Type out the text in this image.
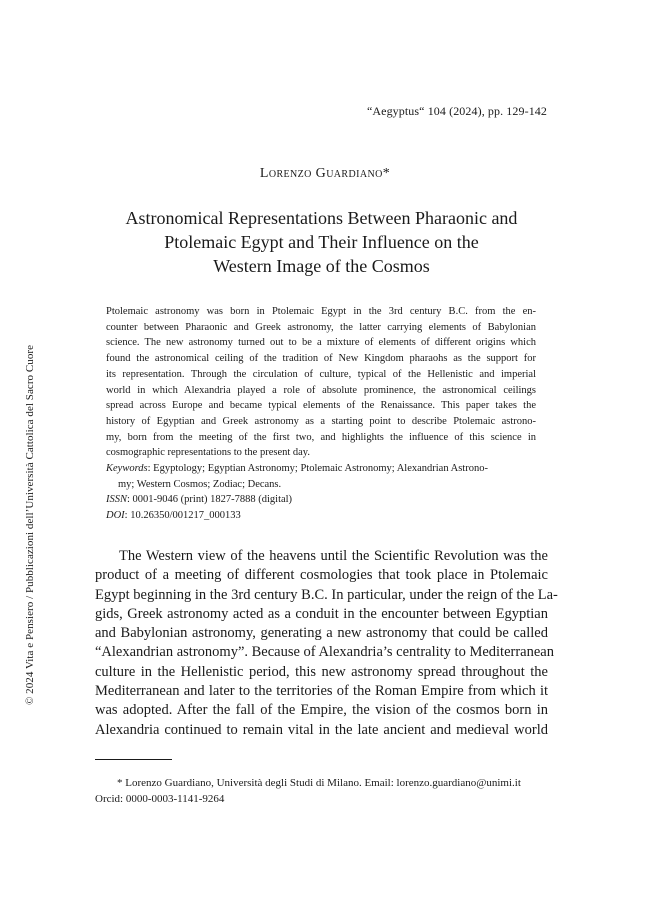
“Aegyptus“ 104 (2024), pp. 129-142
Lorenzo Guardiano*
Astronomical Representations Between Pharaonic and
Ptolemaic Egypt and Their Influence on the
Western Image of the Cosmos
Ptolemaic astronomy was born in Ptolemaic Egypt in the 3rd century B.C. from the en-
counter between Pharaonic and Greek astronomy, the latter carrying elements of Babylonian
science. The new astronomy turned out to be a mixture of elements of different origins which
found the astronomical ceiling of the tradition of New Kingdom pharaohs as the support for
its representation. Through the circulation of culture, typical of the Hellenistic and imperial
world in which Alexandria played a role of absolute prominence, the astronomical ceilings
spread across Europe and became typical elements of the Renaissance. This paper takes the
history of Egyptian and Greek astronomy as a starting point to describe Ptolemaic astrono-
my, born from the meeting of the first two, and highlights the influence of this science in
cosmographic representations to the present day.
Keywords: Egyptology; Egyptian Astronomy; Ptolemaic Astronomy; Alexandrian Astrono-
my; Western Cosmos; Zodiac; Decans.
ISSN: 0001-9046 (print) 1827-7888 (digital)
DOI: 10.26350/001217_000133
The Western view of the heavens until the Scientific Revolution was the
product of a meeting of different cosmologies that took place in Ptolemaic
Egypt beginning in the 3rd century B.C. In particular, under the reign of the La-
gids, Greek astronomy acted as a conduit in the encounter between Egyptian
and Babylonian astronomy, generating a new astronomy that could be called
“Alexandrian astronomy”. Because of Alexandria’s centrality to Mediterranean
culture in the Hellenistic period, this new astronomy spread throughout the
Mediterranean and later to the territories of the Roman Empire from which it
was adopted. After the fall of the Empire, the vision of the cosmos born in
Alexandria continued to remain vital in the late ancient and medieval world
* Lorenzo Guardiano, Università degli Studi di Milano. Email: lorenzo.guardiano@unimi.it
Orcid: 0000-0003-1141-9264
© 2024 Vita e Pensiero / Pubblicazioni dell’Università Cattolica del Sacro Cuore
